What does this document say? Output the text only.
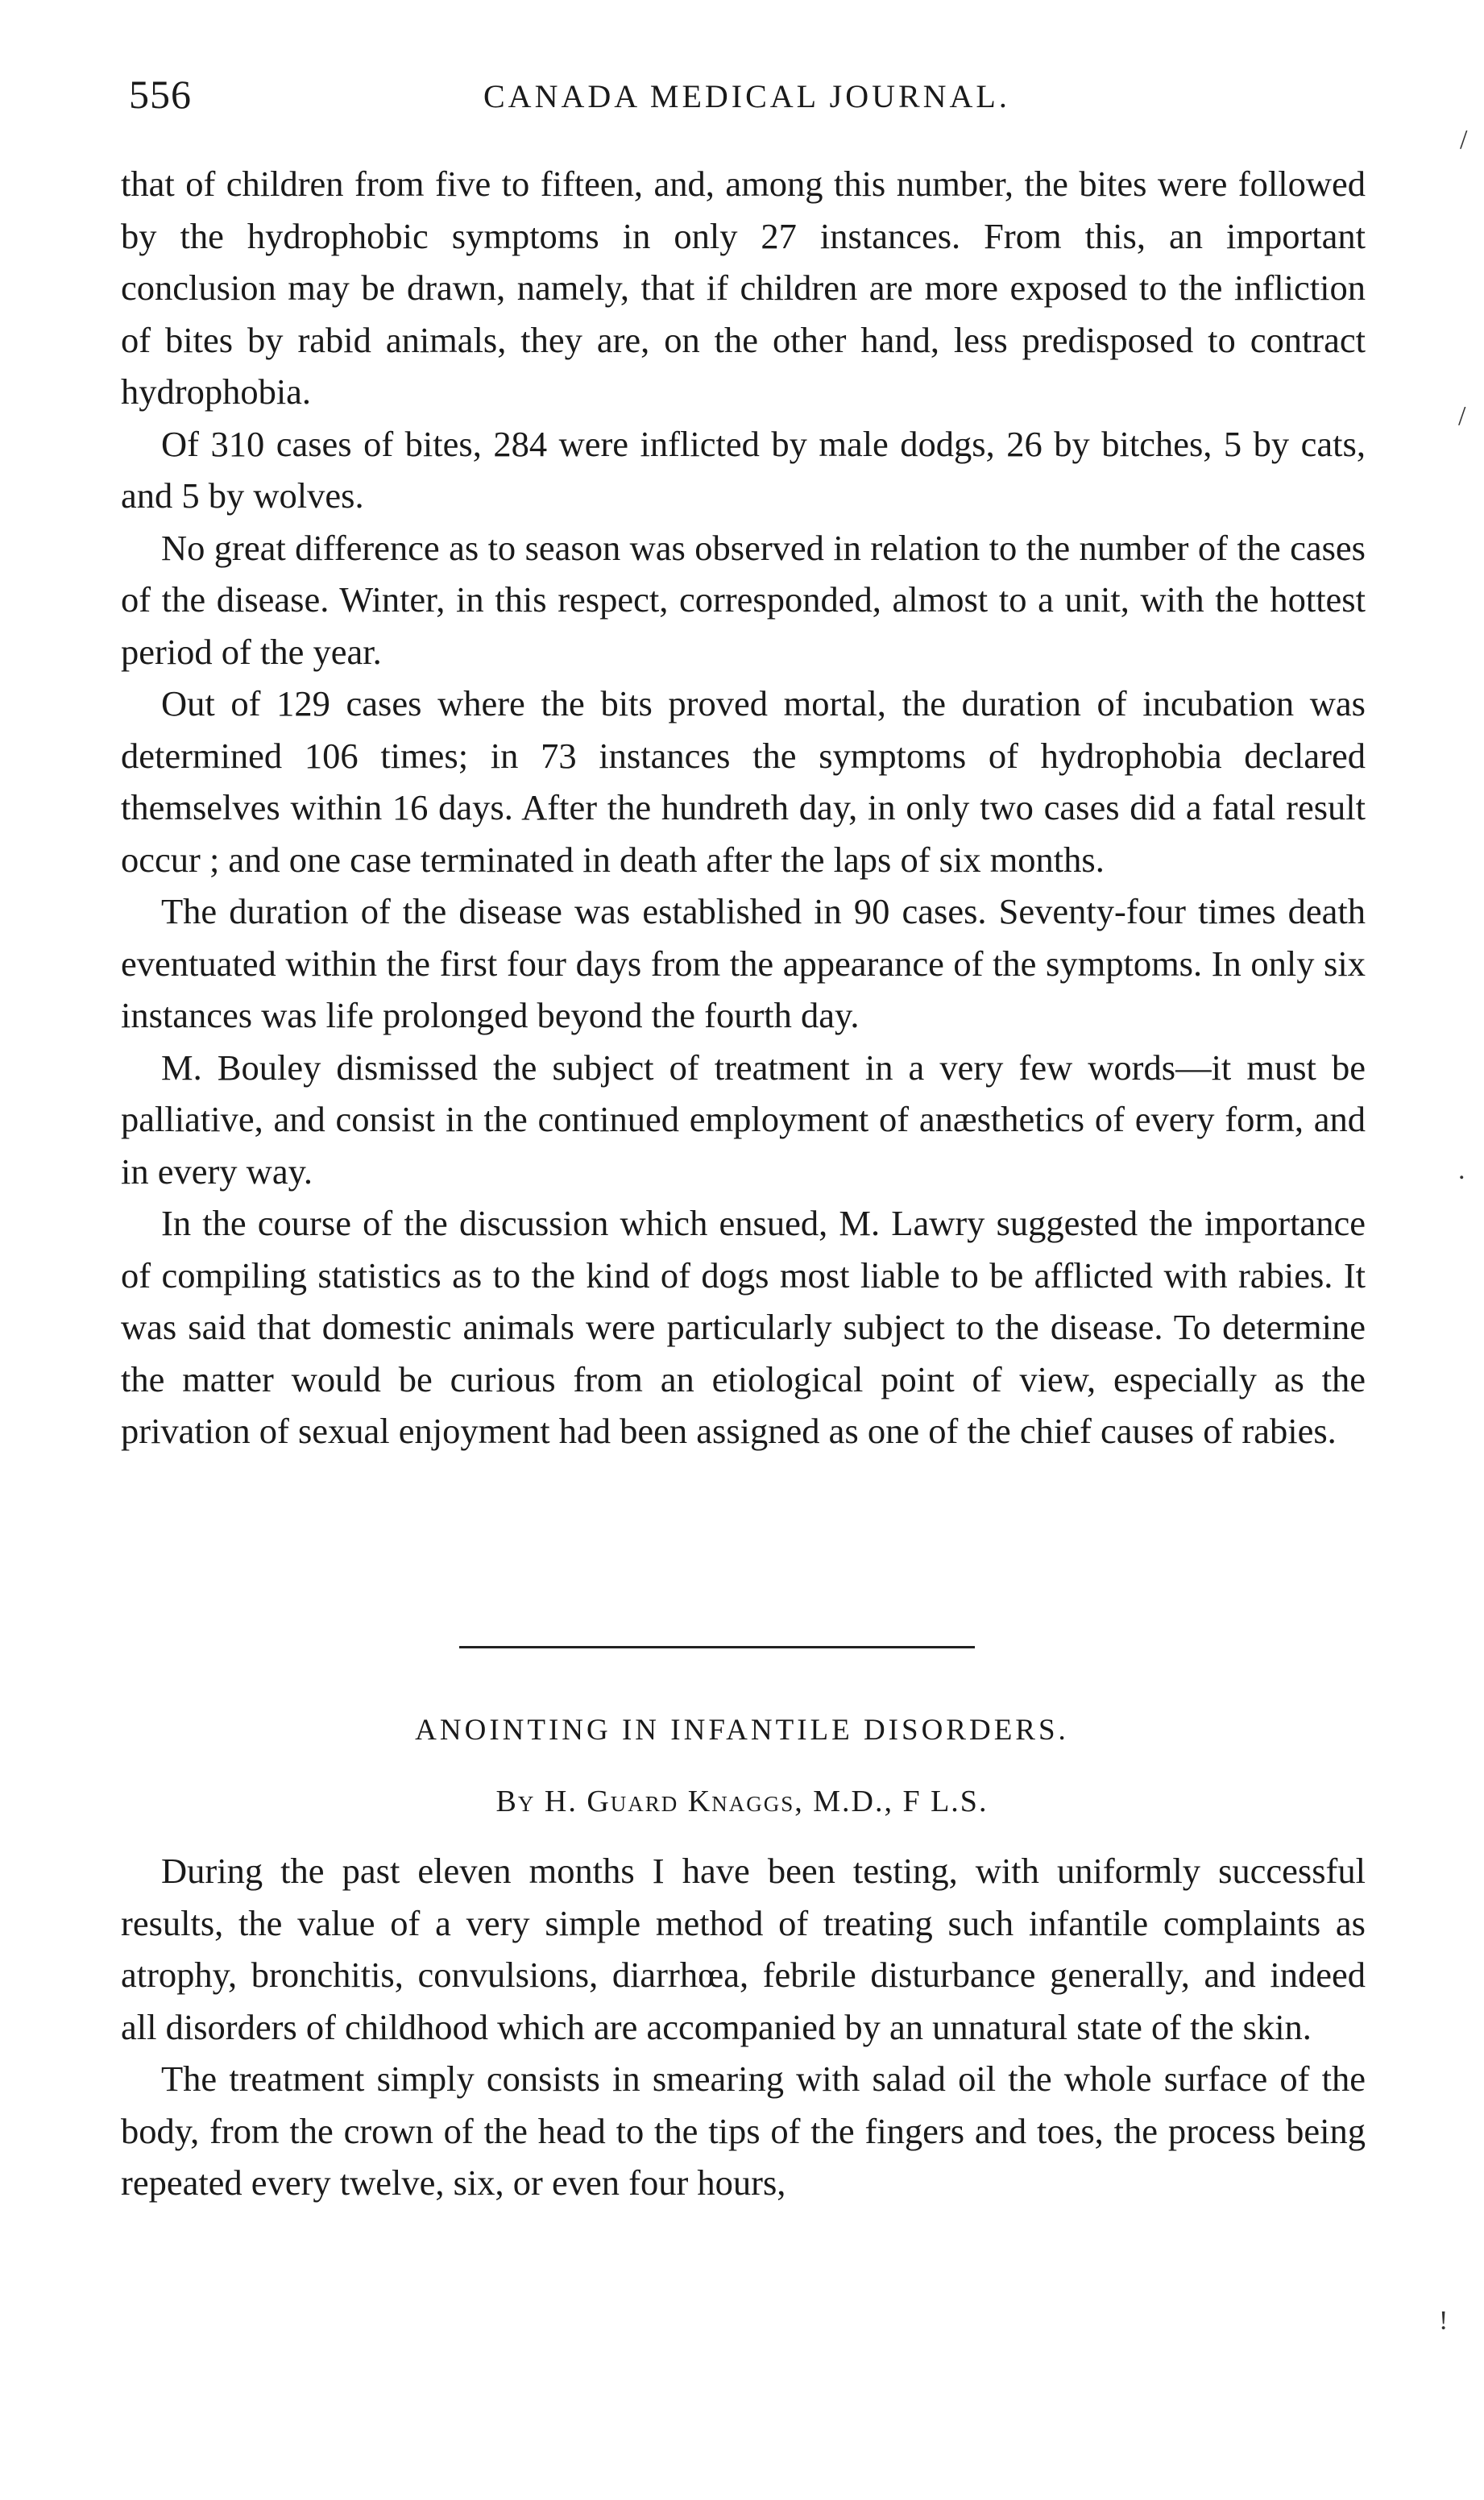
556	CANADA MEDICAL JOURNAL.

that of children from five to fifteen, and, among this number, the bites were followed by the hydrophobic symptoms in only 27 instances. From this, an important conclusion may be drawn, namely, that if children are more exposed to the infliction of bites by rabid animals, they are, on the other hand, less predisposed to contract hydrophobia.

Of 310 cases of bites, 284 were inflicted by male dodgs, 26 by bitches, 5 by cats, and 5 by wolves.

No great difference as to season was observed in relation to the number of the cases of the disease. Winter, in this respect, corresponded, almost to a unit, with the hottest period of the year.

Out of 129 cases where the bits proved mortal, the duration of incubation was determined 106 times; in 73 instances the symptoms of hydrophobia declared themselves within 16 days. After the hundreth day, in only two cases did a fatal result occur ; and one case terminated in death after the laps of six months.

The duration of the disease was established in 90 cases. Seventy-four times death eventuated within the first four days from the appearance of the symptoms. In only six instances was life prolonged beyond the fourth day.

M. Bouley dismissed the subject of treatment in a very few words—it must be palliative, and consist in the continued employment of anæsthetics of every form, and in every way.

In the course of the discussion which ensued, M. Lawry suggested the importance of compiling statistics as to the kind of dogs most liable to be afflicted with rabies. It was said that domestic animals were particularly subject to the disease. To determine the matter would be curious from an etiological point of view, especially as the privation of sexual enjoyment had been assigned as one of the chief causes of rabies.

ANOINTING IN INFANTILE DISORDERS.
By H. Guard Knaggs, M.D., F L.S.

During the past eleven months I have been testing, with uniformly successful results, the value of a very simple method of treating such infantile complaints as atrophy, bronchitis, convulsions, diarrhœa, febrile disturbance generally, and indeed all disorders of childhood which are accompanied by an unnatural state of the skin.

The treatment simply consists in smearing with salad oil the whole surface of the body, from the crown of the head to the tips of the fingers and toes, the process being repeated every twelve, six, or even four hours,

/
/
.
!
